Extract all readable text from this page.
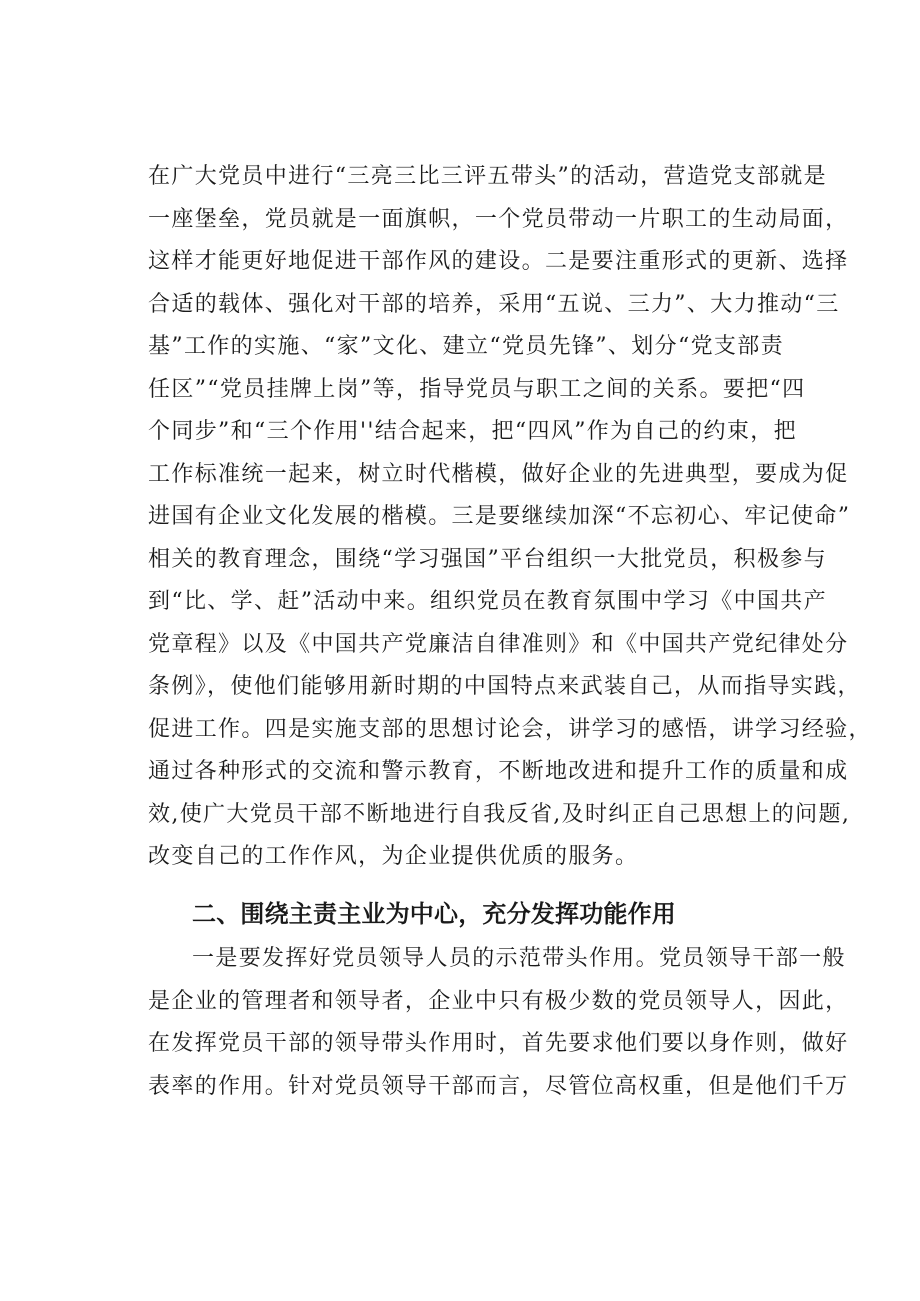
在广大党员中进行“三亮三比三评五带头”的活动，营造党支部就是
一座堡垒，党员就是一面旗帜，一个党员带动一片职工的生动局面，
这样才能更好地促进干部作风的建设。二是要注重形式的更新、选择
合适的载体、强化对干部的培养，采用“五说、三力”、大力推动“三
基”工作的实施、“家”文化、建立“党员先锋”、划分“党支部责
任区”“党员挂牌上岗”等，指导党员与职工之间的关系。要把“四
个同步”和“三个作用''结合起来，把“四风”作为自己的约束，把
工作标准统一起来，树立时代楷模，做好企业的先进典型，要成为促
进国有企业文化发展的楷模。三是要继续加深“不忘初心、牢记使命”
相关的教育理念，围绕“学习强国”平台组织一大批党员，积极参与
到“比、学、赶”活动中来。组织党员在教育氛围中学习《中国共产
党章程》以及《中国共产党廉洁自律准则》和《中国共产党纪律处分
条例》，使他们能够用新时期的中国特点来武装自己，从而指导实践，
促进工作。四是实施支部的思想讨论会，讲学习的感悟，讲学习经验，
通过各种形式的交流和警示教育，不断地改进和提升工作的质量和成
效,使广大党员干部不断地进行自我反省,及时纠正自己思想上的问题,
改变自己的工作作风，为企业提供优质的服务。
二、围绕主责主业为中心，充分发挥功能作用
一是要发挥好党员领导人员的示范带头作用。党员领导干部一般
是企业的管理者和领导者，企业中只有极少数的党员领导人，因此，
在发挥党员干部的领导带头作用时，首先要求他们要以身作则，做好
表率的作用。针对党员领导干部而言，尽管位高权重，但是他们千万
